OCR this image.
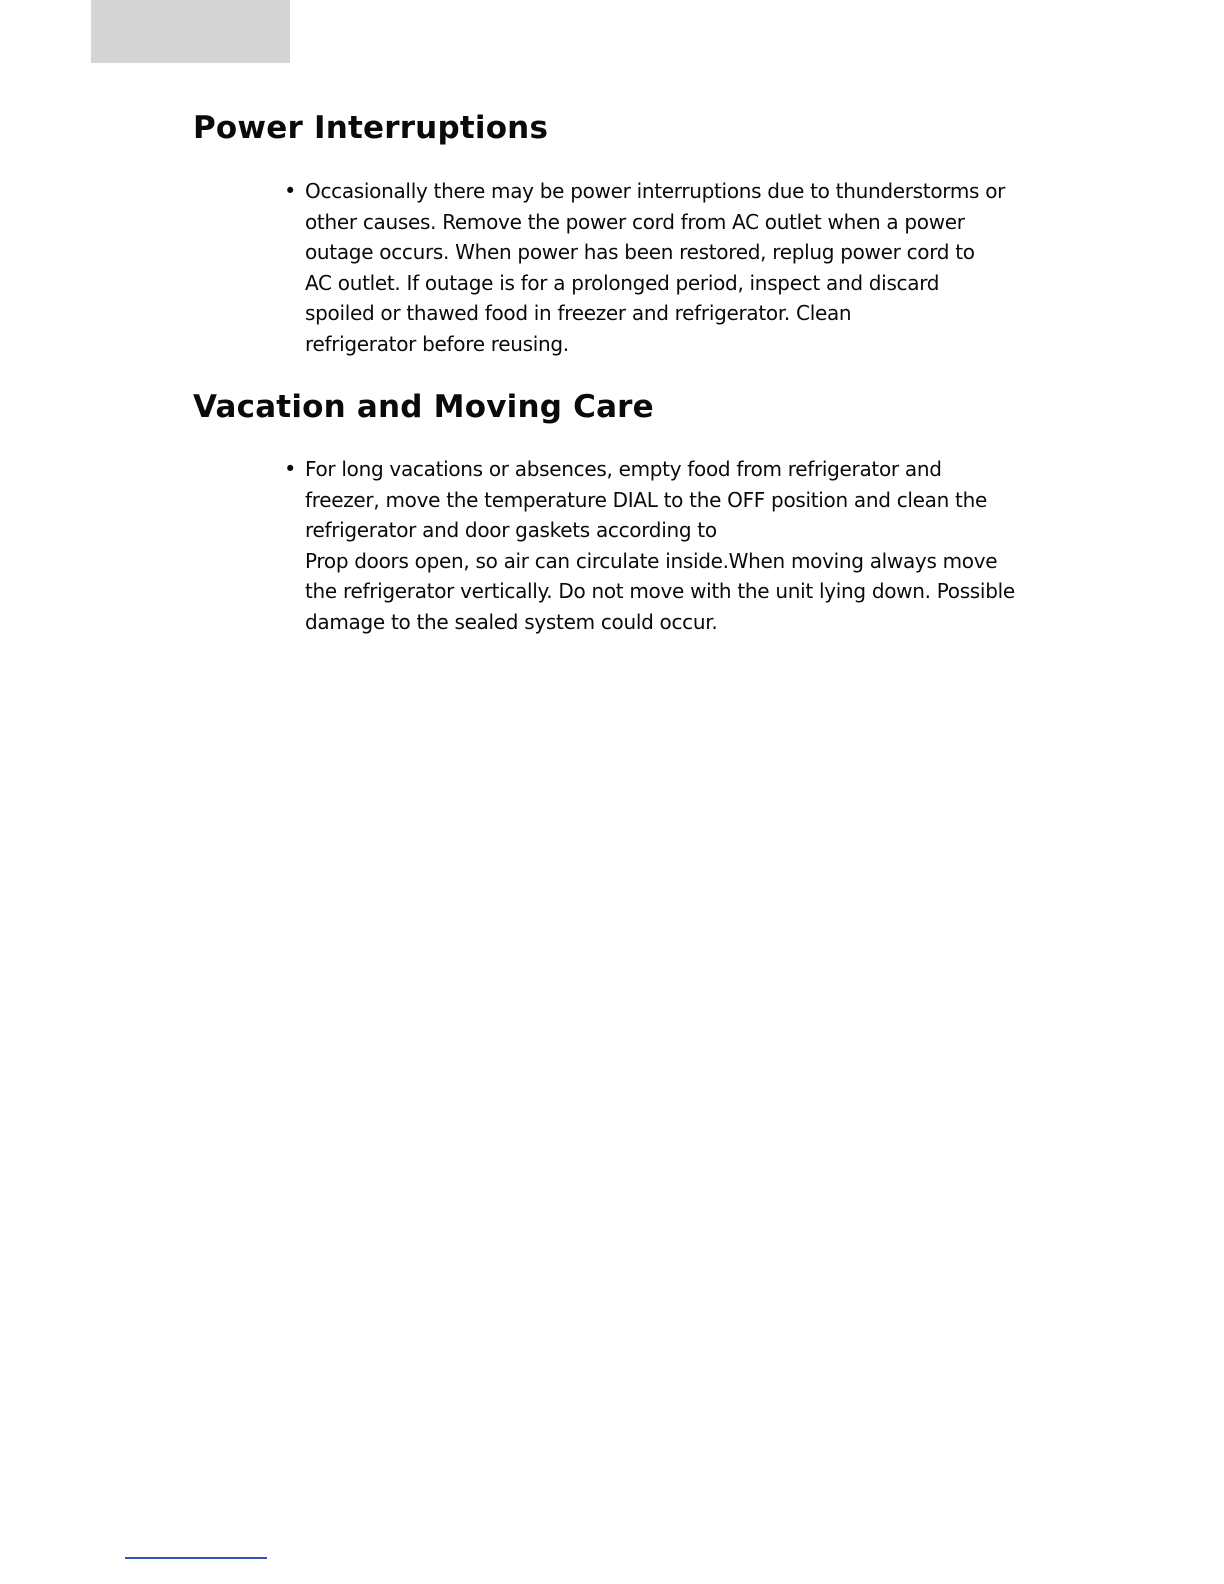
Power Interruptions
• Occasionally there may be power interruptions due to thunderstorms or
other causes. Remove the power cord from AC outlet when a power
outage occurs. When power has been restored, replug power cord to
AC outlet. If outage is for a prolonged period, inspect and discard
spoiled or thawed food in freezer and refrigerator. Clean
refrigerator before reusing.
Vacation and Moving Care
• For long vacations or absences, empty food from refrigerator and
freezer, move the temperature DIAL to the OFF position and clean the
refrigerator and door gaskets according to
Prop doors open, so air can circulate inside.When moving always move
the refrigerator vertically. Do not move with the unit lying down. Possible
damage to the sealed system could occur.
